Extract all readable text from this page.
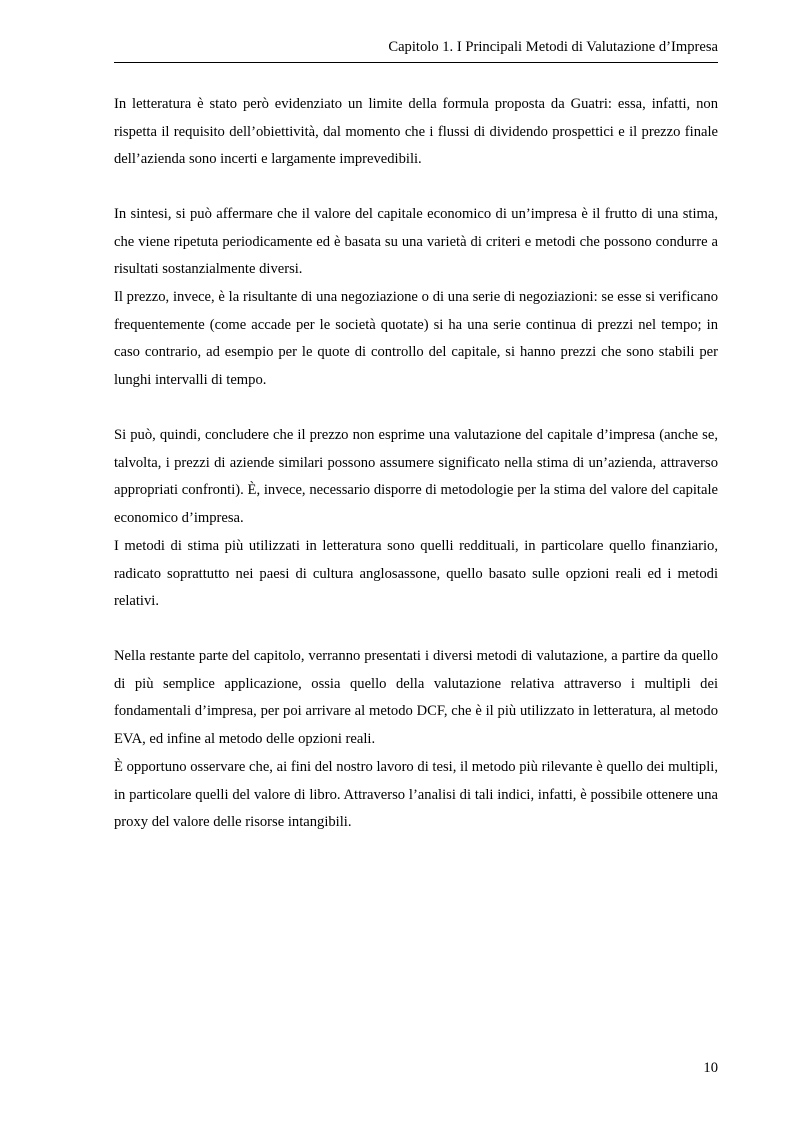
Capitolo 1. I Principali Metodi di Valutazione d’Impresa

In letteratura è stato però evidenziato un limite della formula proposta da Guatri: essa, infatti, non rispetta il requisito dell’obiettività, dal momento che i flussi di dividendo prospettici e il prezzo finale dell’azienda sono incerti e largamente imprevedibili.

In sintesi, si può affermare che il valore del capitale economico di un’impresa è il frutto di una stima, che viene ripetuta periodicamente ed è basata su una varietà di criteri e metodi che possono condurre a risultati sostanzialmente diversi.

Il prezzo, invece, è la risultante di una negoziazione o di una serie di negoziazioni: se esse si verificano frequentemente (come accade per le società quotate) si ha una serie continua di prezzi nel tempo; in caso contrario, ad esempio per le quote di controllo del capitale, si hanno prezzi che sono stabili per lunghi intervalli di tempo.

Si può, quindi, concludere che il prezzo non esprime una valutazione del capitale d’impresa (anche se, talvolta, i prezzi di aziende similari possono assumere significato nella stima di un’azienda, attraverso appropriati confronti). È, invece, necessario disporre di metodologie per la stima del valore del capitale economico d’impresa.

I metodi di stima più utilizzati in letteratura sono quelli reddituali, in particolare quello finanziario, radicato soprattutto nei paesi di cultura anglosassone, quello basato sulle opzioni reali ed i metodi relativi.

Nella restante parte del capitolo, verranno presentati i diversi metodi di valutazione, a partire da quello di più semplice applicazione, ossia quello della valutazione relativa attraverso i multipli dei fondamentali d’impresa, per poi arrivare al metodo DCF, che è il più utilizzato in letteratura, al metodo EVA, ed infine al metodo delle opzioni reali.

È opportuno osservare che, ai fini del nostro lavoro di tesi, il metodo più rilevante è quello dei multipli, in particolare quelli del valore di libro. Attraverso l’analisi di tali indici, infatti, è possibile ottenere una proxy del valore delle risorse intangibili.

10
